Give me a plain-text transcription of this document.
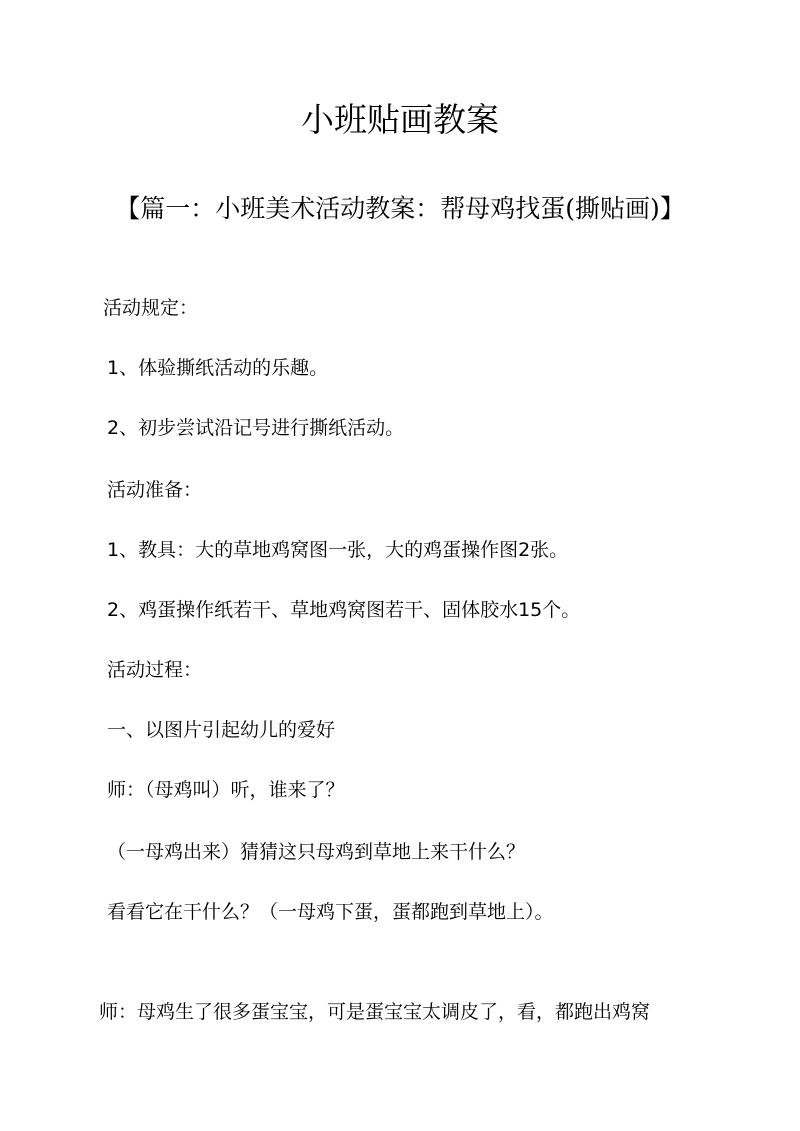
小班贴画教案
【篇一：小班美术活动教案：帮母鸡找蛋(撕贴画)】
活动规定：
1、体验撕纸活动的乐趣。
2、初步尝试沿记号进行撕纸活动。
活动准备：
1、教具：大的草地鸡窝图一张，大的鸡蛋操作图2张。
2、鸡蛋操作纸若干、草地鸡窝图若干、固体胶水15个。
活动过程：
一、以图片引起幼儿的爱好
师：（母鸡叫）听，谁来了？
（一母鸡出来）猜猜这只母鸡到草地上来干什么？
看看它在干什么？（一母鸡下蛋，蛋都跑到草地上）。
师：母鸡生了很多蛋宝宝，可是蛋宝宝太调皮了，看，都跑出鸡窝
